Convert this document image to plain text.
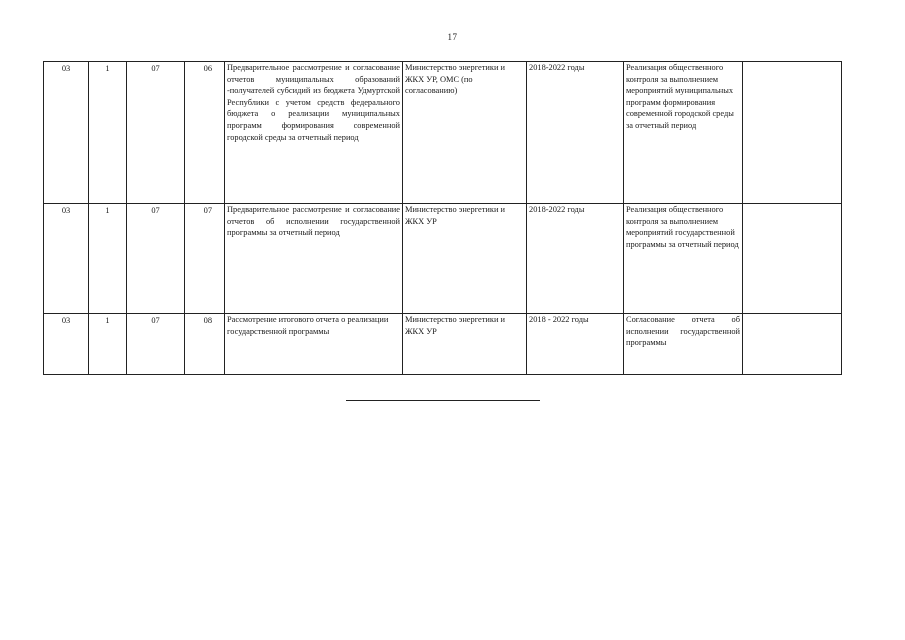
17
03	1	07	06	Предварительное рассмотрение и согласование отчетов муниципальных образований -получателей субсидий из бюджета Удмуртской Республики с учетом средств федерального бюджета о реализации муниципальных программ формирования современной городской среды за отчетный период	Министерство энергетики и ЖКХ УР, ОМС (по согласованию)	2018-2022 годы	Реализация общественного контроля за выполнением мероприятий муниципальных программ формирования современной городской среды за отчетный период	
03	1	07	07	Предварительное рассмотрение и согласование отчетов об исполнении государственной программы за отчетный период	Министерство энергетики и ЖКХ УР	2018-2022 годы	Реализация общественного контроля за выполнением мероприятий государственной программы за отчетный период	
03	1	07	08	Рассмотрение итогового отчета о реализации государственной программы	Министерство энергетики и ЖКХ УР	2018 - 2022 годы	Согласование отчета об исполнении государственной программы	
